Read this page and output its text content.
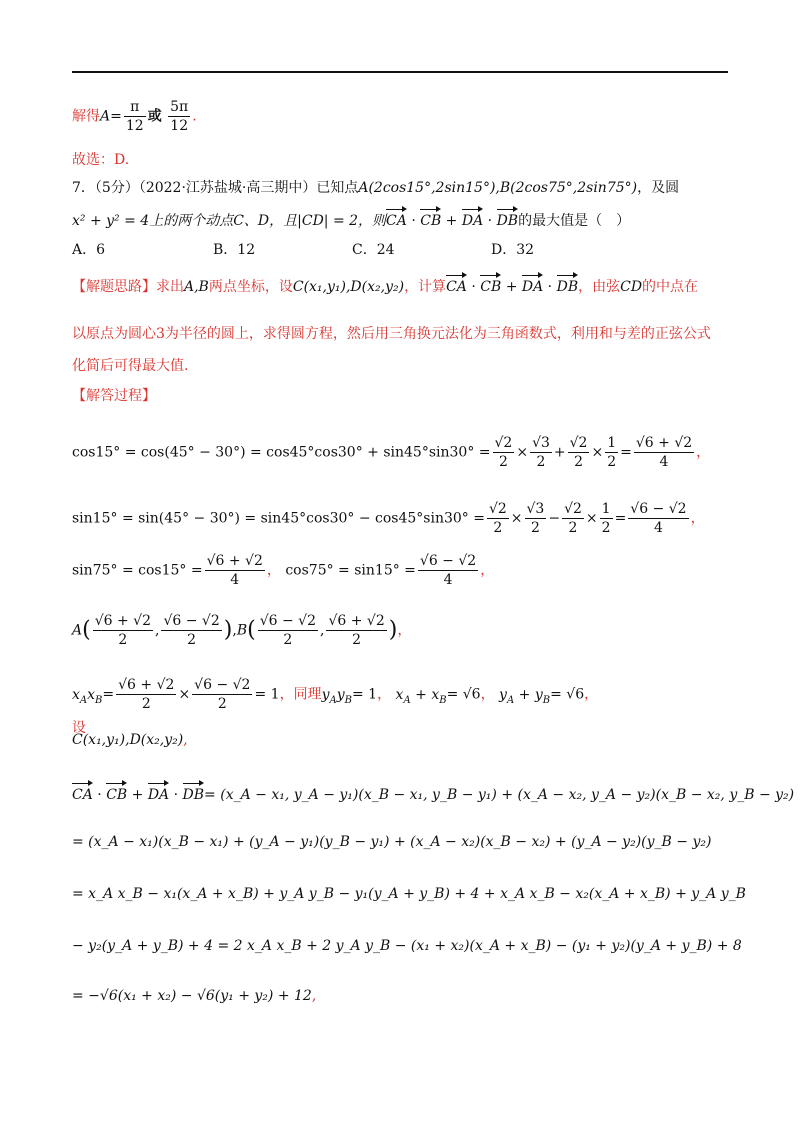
解得$A= \frac{\pi}{12}$ 或 $\frac{5\pi}{12}$ .
故选：D.
7．（5分）（2022·江苏盐城·高三期中）已知点A(2cos15°,2sin15°),B(2cos75°,2sin75°)，及圆
x² + y² = 4上的两个动点C、D，且|CD| = 2，则CA · CB + DA · DB的最大值是（　）
A．6	B．12	C．24	D．32
【解题思路】求出A,B两点坐标，设C(x₁,y₁),D(x₂,y₂)，计算CA · CB + DA · DB，由弦CD的中点在
以原点为圆心3为半径的圆上，求得圆方程，然后用三角换元法化为三角函数式，利用和与差的正弦公式
化简后可得最大值.
【解答过程】
$\cos 15^\circ = \cos(45^\circ - 30^\circ) = \cos 45^\circ\cos 30^\circ + \sin 45^\circ\sin 30^\circ = \frac{√2}{2} \times \frac{√3}{2} + \frac{√2}{2} \times \frac{1}{2} = \frac{√6 + √2}{4}$ ，
$\sin 15^\circ = \sin(45^\circ - 30^\circ) = \sin 45^\circ\cos 30^\circ - \cos 45^\circ\sin 30^\circ = \frac{√2}{2} \times \frac{√3}{2} - \frac{√2}{2} \times \frac{1}{2} = \frac{√6 - √2}{4}$ ，
$\sin 75^\circ = \cos 15^\circ = \frac{√6 + √2}{4}$ ， $\cos 75^\circ = \sin 15^\circ = \frac{√6 - √2}{4}$ ，
$A( \frac{√6 + √2}{2}$ , $\frac{√6 - √2}{2} ),B( \frac{√6 - √2}{2}$ , $\frac{√6 + √2}{2}$ )，
$x_Ax_B= \frac{√6 + √2}{2} \times \frac{√6 - √2}{2} = 1$，同理$y_Ay_B= 1$， $x_A + x_B= √6$， $y_A + y_B= √6$，
设
C(x₁,y₁),D(x₂,y₂),
CA · CB + DA · DB= (x_A − x₁, y_A − y₁)(x_B − x₁, y_B − y₁) + (x_A − x₂, y_A − y₂)(x_B − x₂, y_B − y₂)
= (x_A − x₁)(x_B − x₁) + (y_A − y₁)(y_B − y₁) + (x_A − x₂)(x_B − x₂) + (y_A − y₂)(y_B − y₂)
= x_A x_B − x₁(x_A + x_B) + y_A y_B − y₁(y_A + y_B) + 4 + x_A x_B − x₂(x_A + x_B) + y_A y_B
− y₂(y_A + y_B) + 4 = 2 x_A x_B + 2 y_A y_B − (x₁ + x₂)(x_A + x_B) − (y₁ + y₂)(y_A + y_B) + 8
= −√6(x₁ + x₂) − √6(y₁ + y₂) + 12,
